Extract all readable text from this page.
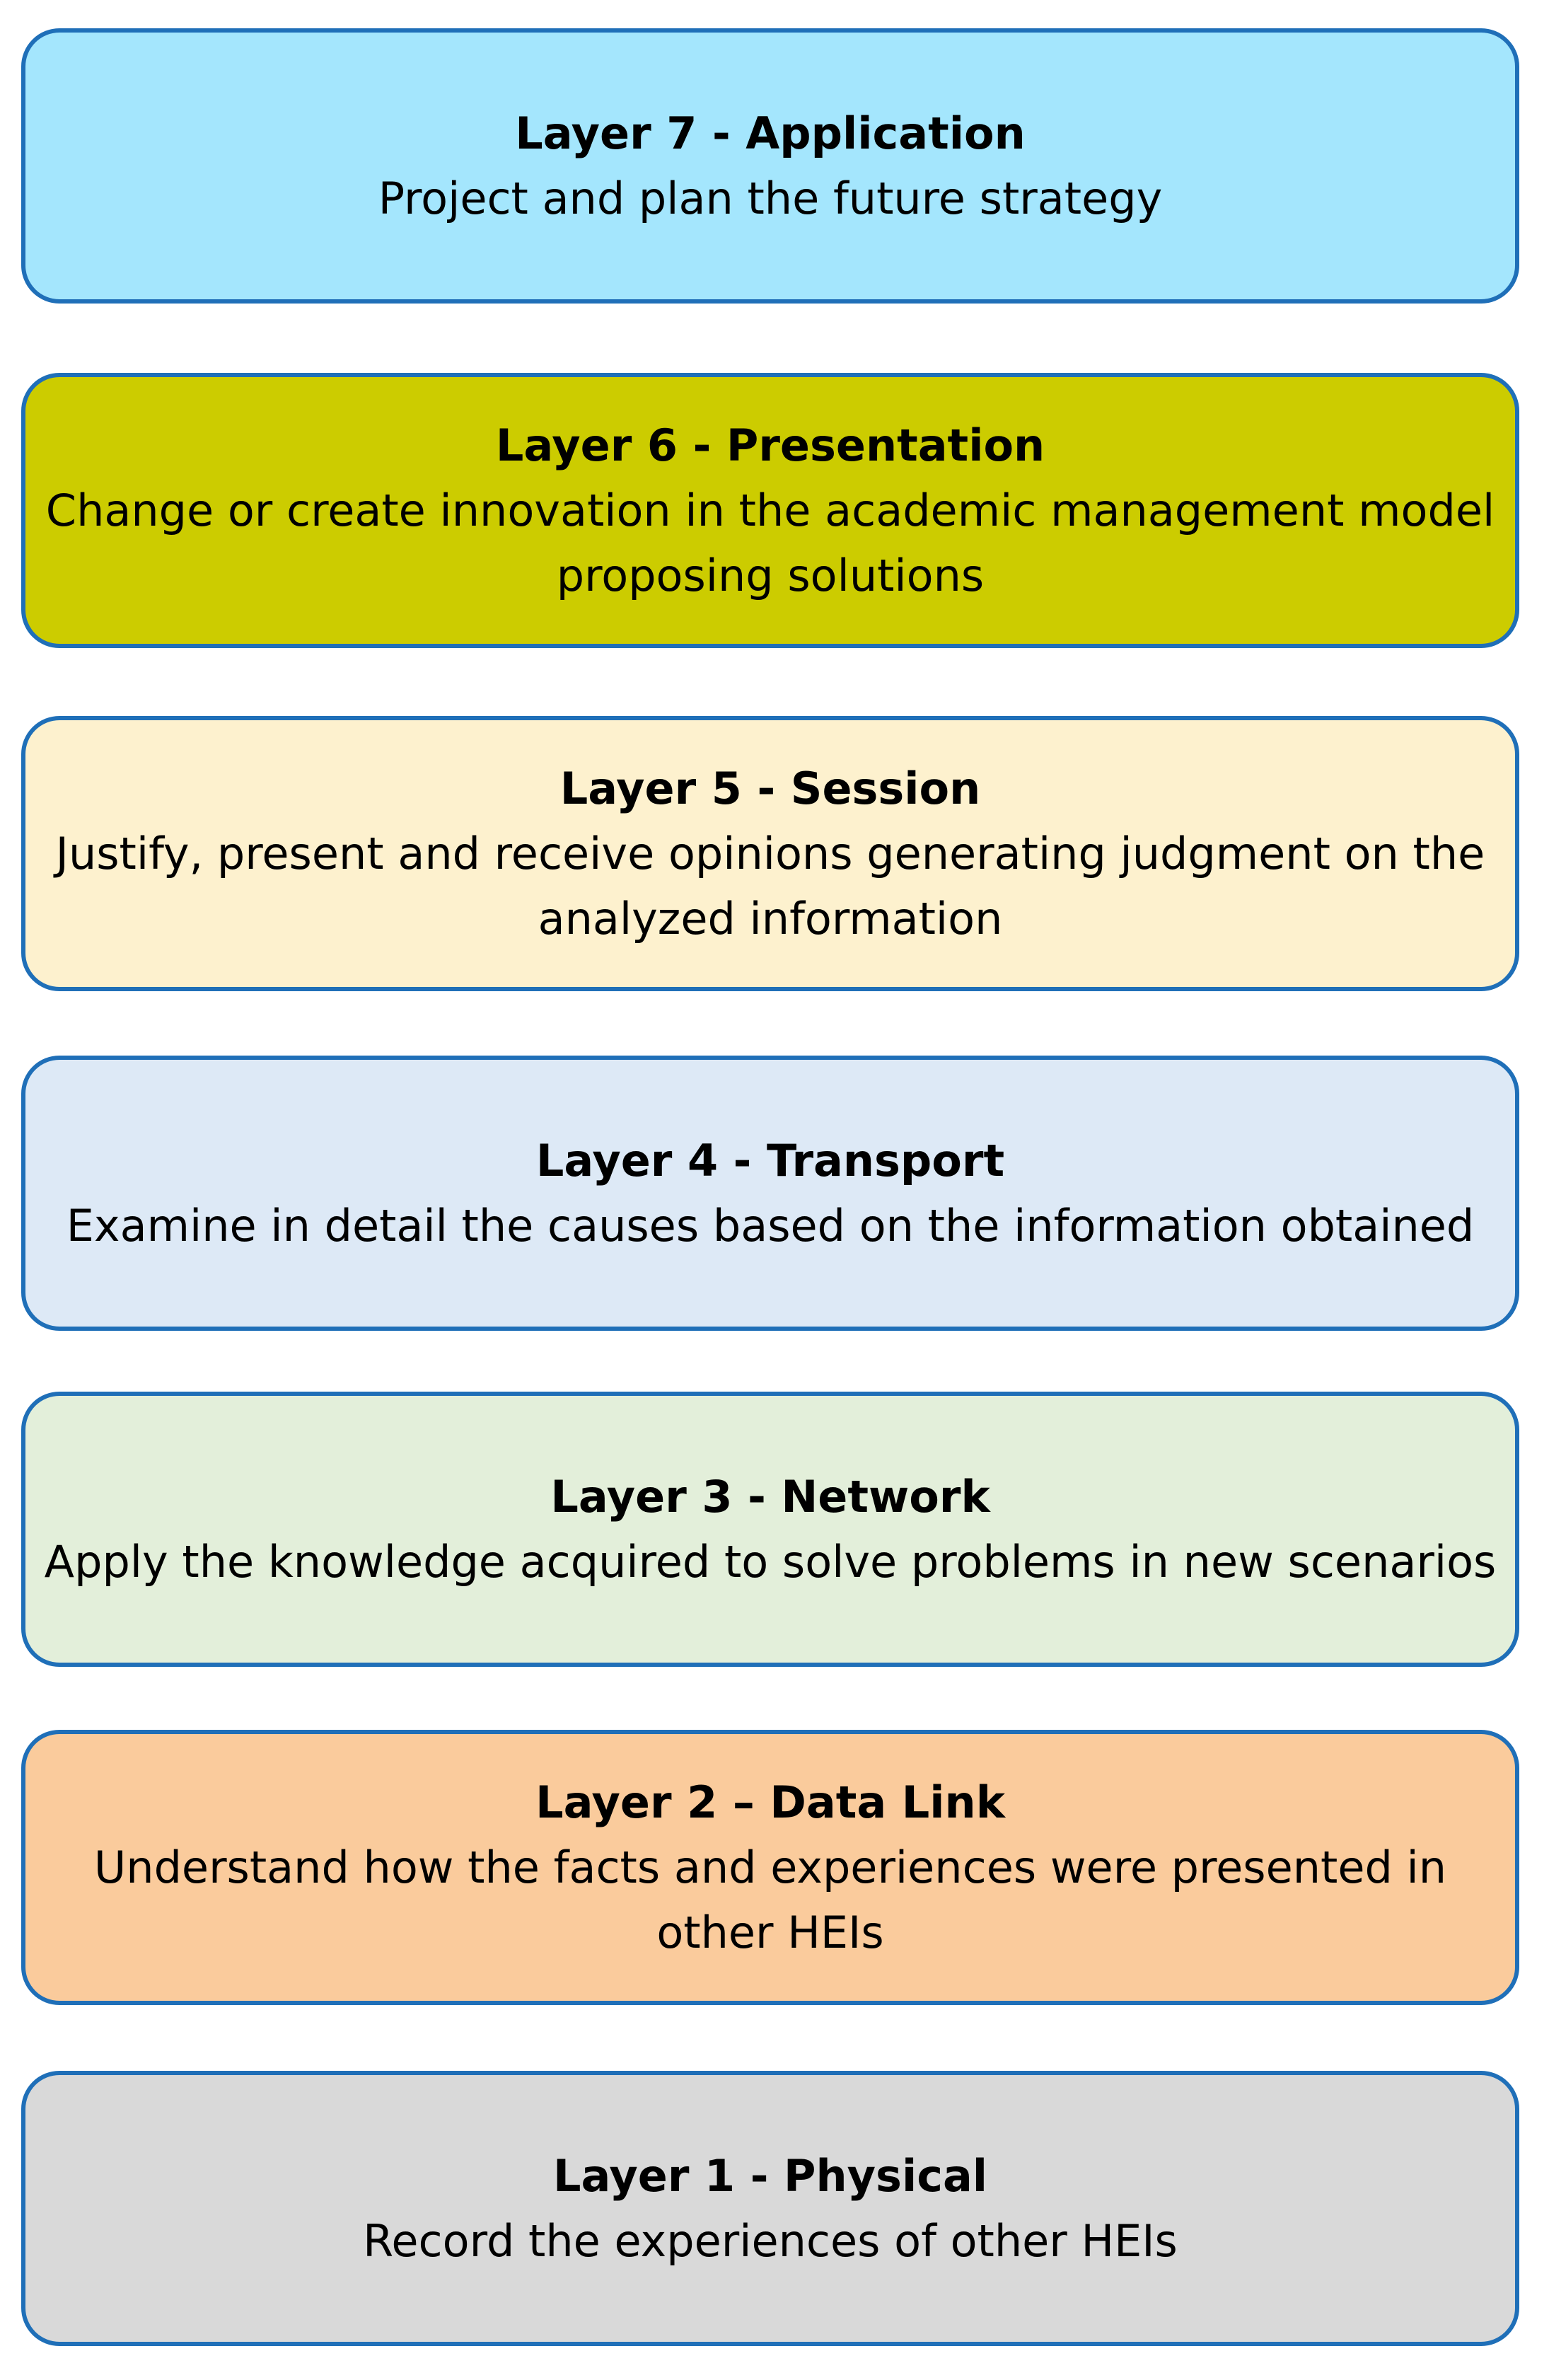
Layer 7 - Application
Project and plan the future strategy
Layer 6 - Presentation
Change or create innovation in the academic management model proposing solutions
Layer 5 - Session
Justify, present and receive opinions generating judgment on the analyzed information
Layer 4 - Transport
Examine in detail the causes based on the information obtained
Layer 3 - Network
Apply the knowledge acquired to solve problems in new scenarios
Layer 2 – Data Link
Understand how the facts and experiences were presented in other HEIs
Layer 1 - Physical
Record the experiences of other HEIs
